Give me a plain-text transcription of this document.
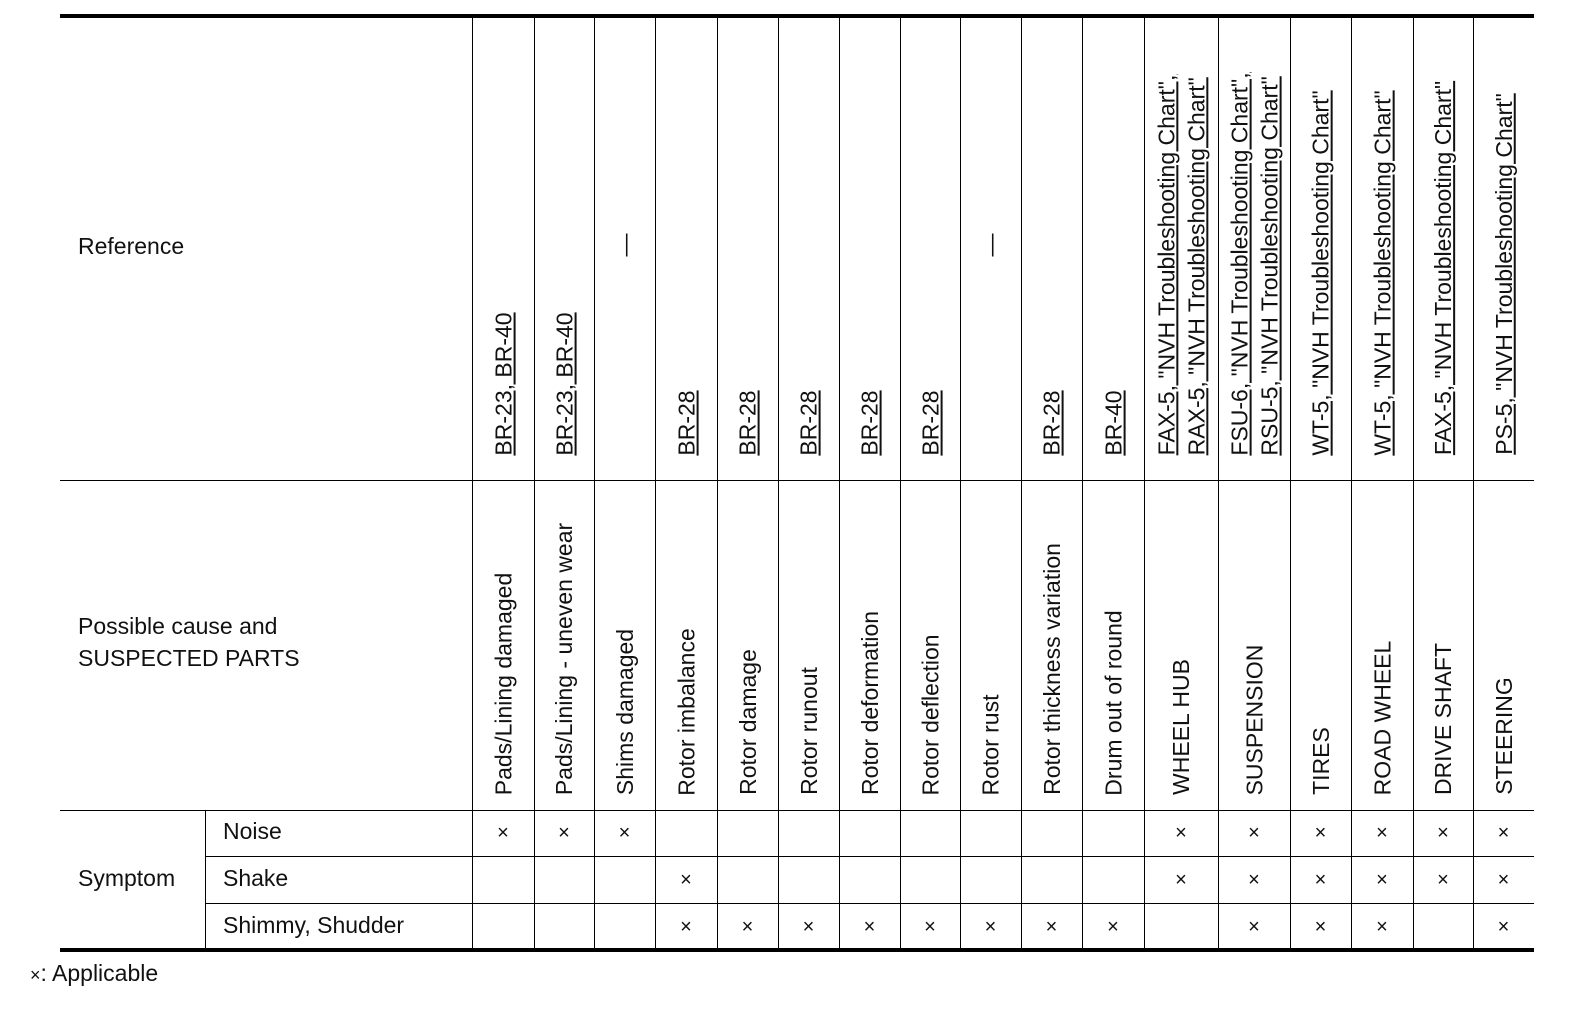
Reference
Possible cause and
SUSPECTED PARTS
Symptom
Pads/Lining damaged
BR-23, BR-40
×
Pads/Lining - uneven wear
BR-23, BR-40
×
Shims damaged
—
×
Rotor imbalance
BR-28
×
×
Rotor damage
BR-28
×
Rotor runout
BR-28
×
Rotor deformation
BR-28
×
Rotor deflection
BR-28
×
Rotor rust
—
×
Rotor thickness variation
BR-28
×
Drum out of round
BR-40
×
WHEEL HUB
FAX-5, "NVH Troubleshooting Chart", RAX-5, "NVH Troubleshooting Chart"
×
×
SUSPENSION
FSU-6, "NVH Troubleshooting Chart", RSU-5, "NVH Troubleshooting Chart"
×
×
×
TIRES
WT-5, "NVH Troubleshooting Chart"
×
×
×
ROAD WHEEL
WT-5, "NVH Troubleshooting Chart"
×
×
×
DRIVE SHAFT
FAX-5, "NVH Troubleshooting Chart"
×
×
STEERING
PS-5, "NVH Troubleshooting Chart"
×
×
×
Noise
Shake
Shimmy, Shudder
×: Applicable
